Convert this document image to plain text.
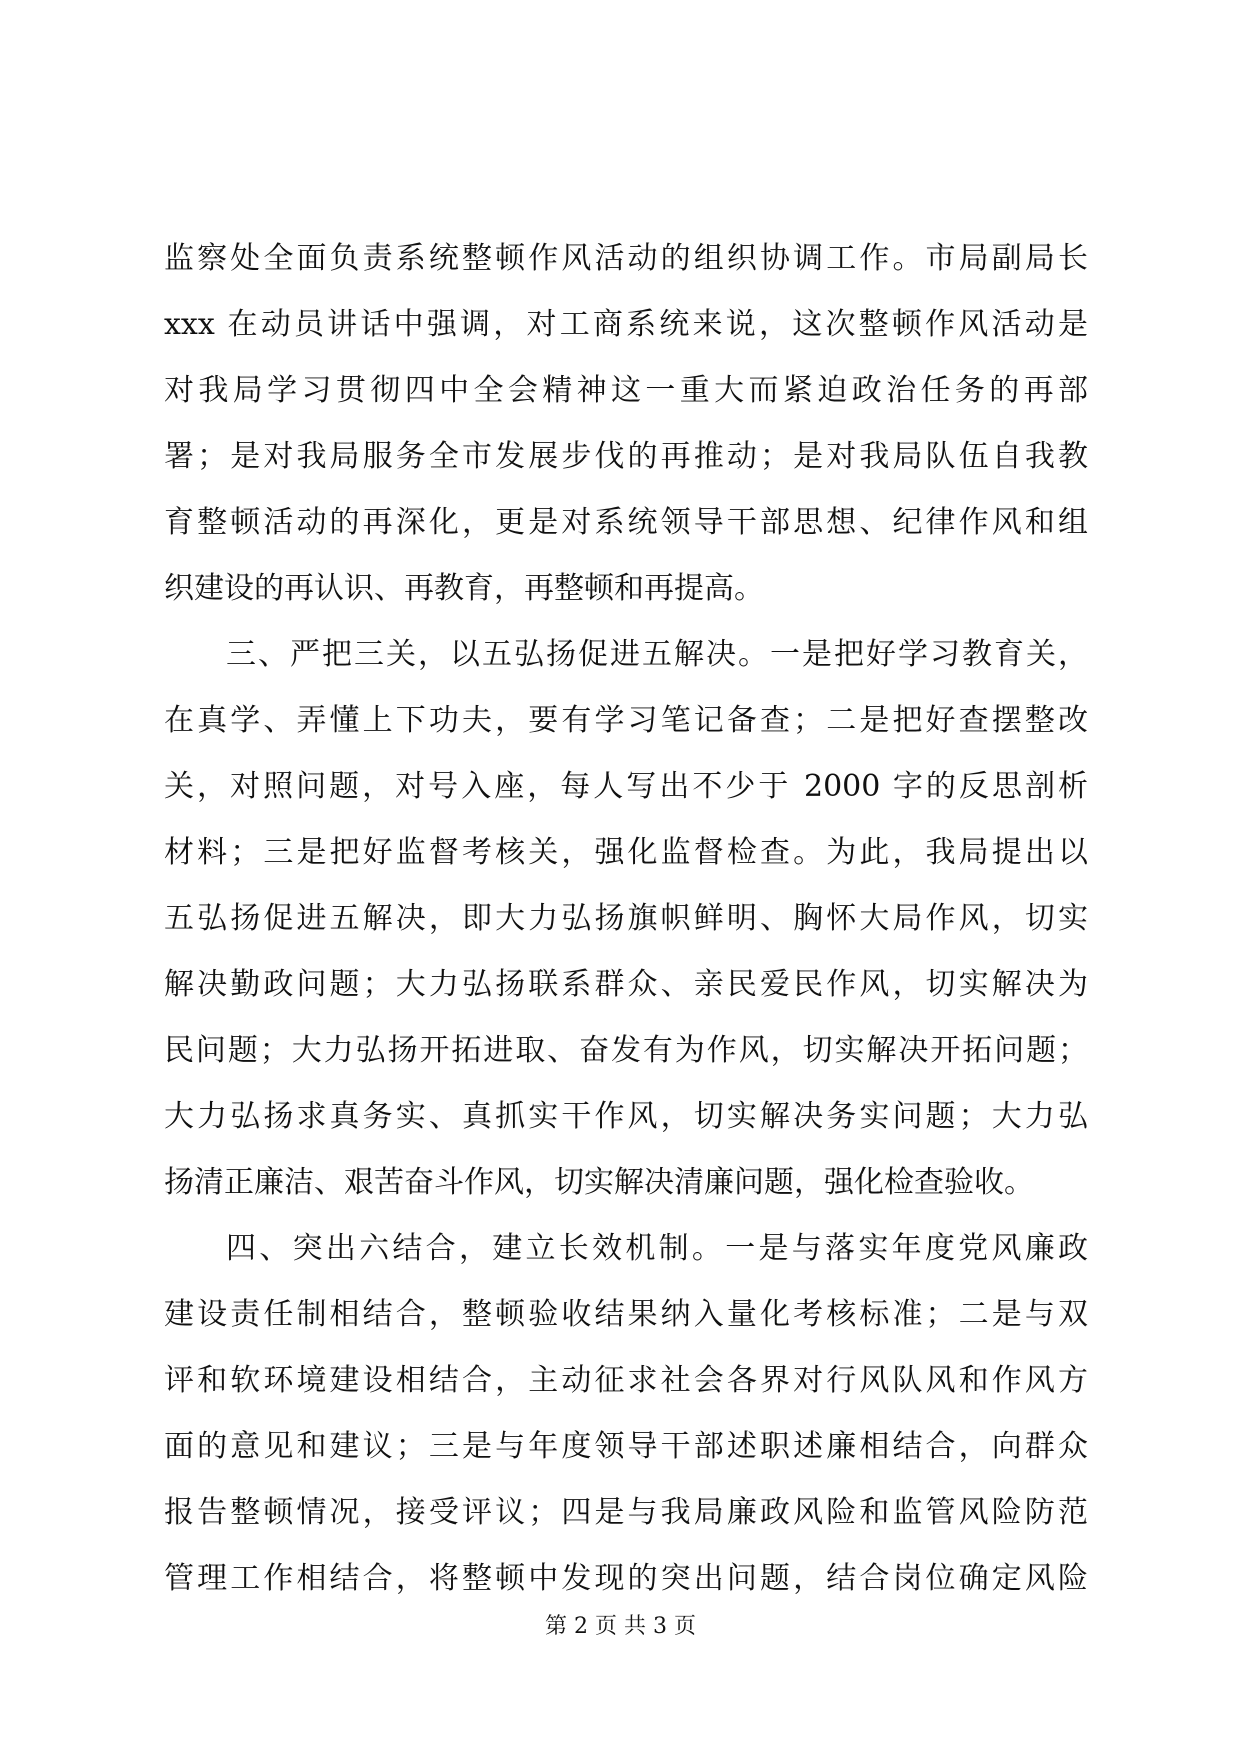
监察处全面负责系统整顿作风活动的组织协调工作。市局副局长
xxx 在动员讲话中强调，对工商系统来说，这次整顿作风活动是
对我局学习贯彻四中全会精神这一重大而紧迫政治任务的再部
署；是对我局服务全市发展步伐的再推动；是对我局队伍自我教
育整顿活动的再深化，更是对系统领导干部思想、纪律作风和组
织建设的再认识、再教育，再整顿和再提高。
三、严把三关，以五弘扬促进五解决。一是把好学习教育关，
在真学、弄懂上下功夫，要有学习笔记备查；二是把好查摆整改
关，对照问题，对号入座，每人写出不少于 2000 字的反思剖析
材料；三是把好监督考核关，强化监督检查。为此，我局提出以
五弘扬促进五解决，即大力弘扬旗帜鲜明、胸怀大局作风，切实
解决勤政问题；大力弘扬联系群众、亲民爱民作风，切实解决为
民问题；大力弘扬开拓进取、奋发有为作风，切实解决开拓问题；
大力弘扬求真务实、真抓实干作风，切实解决务实问题；大力弘
扬清正廉洁、艰苦奋斗作风，切实解决清廉问题，强化检查验收。
四、突出六结合，建立长效机制。一是与落实年度党风廉政
建设责任制相结合，整顿验收结果纳入量化考核标准；二是与双
评和软环境建设相结合，主动征求社会各界对行风队风和作风方
面的意见和建议；三是与年度领导干部述职述廉相结合，向群众
报告整顿情况，接受评议；四是与我局廉政风险和监管风险防范
管理工作相结合，将整顿中发现的突出问题，结合岗位确定风险
第 2 页 共 3 页
